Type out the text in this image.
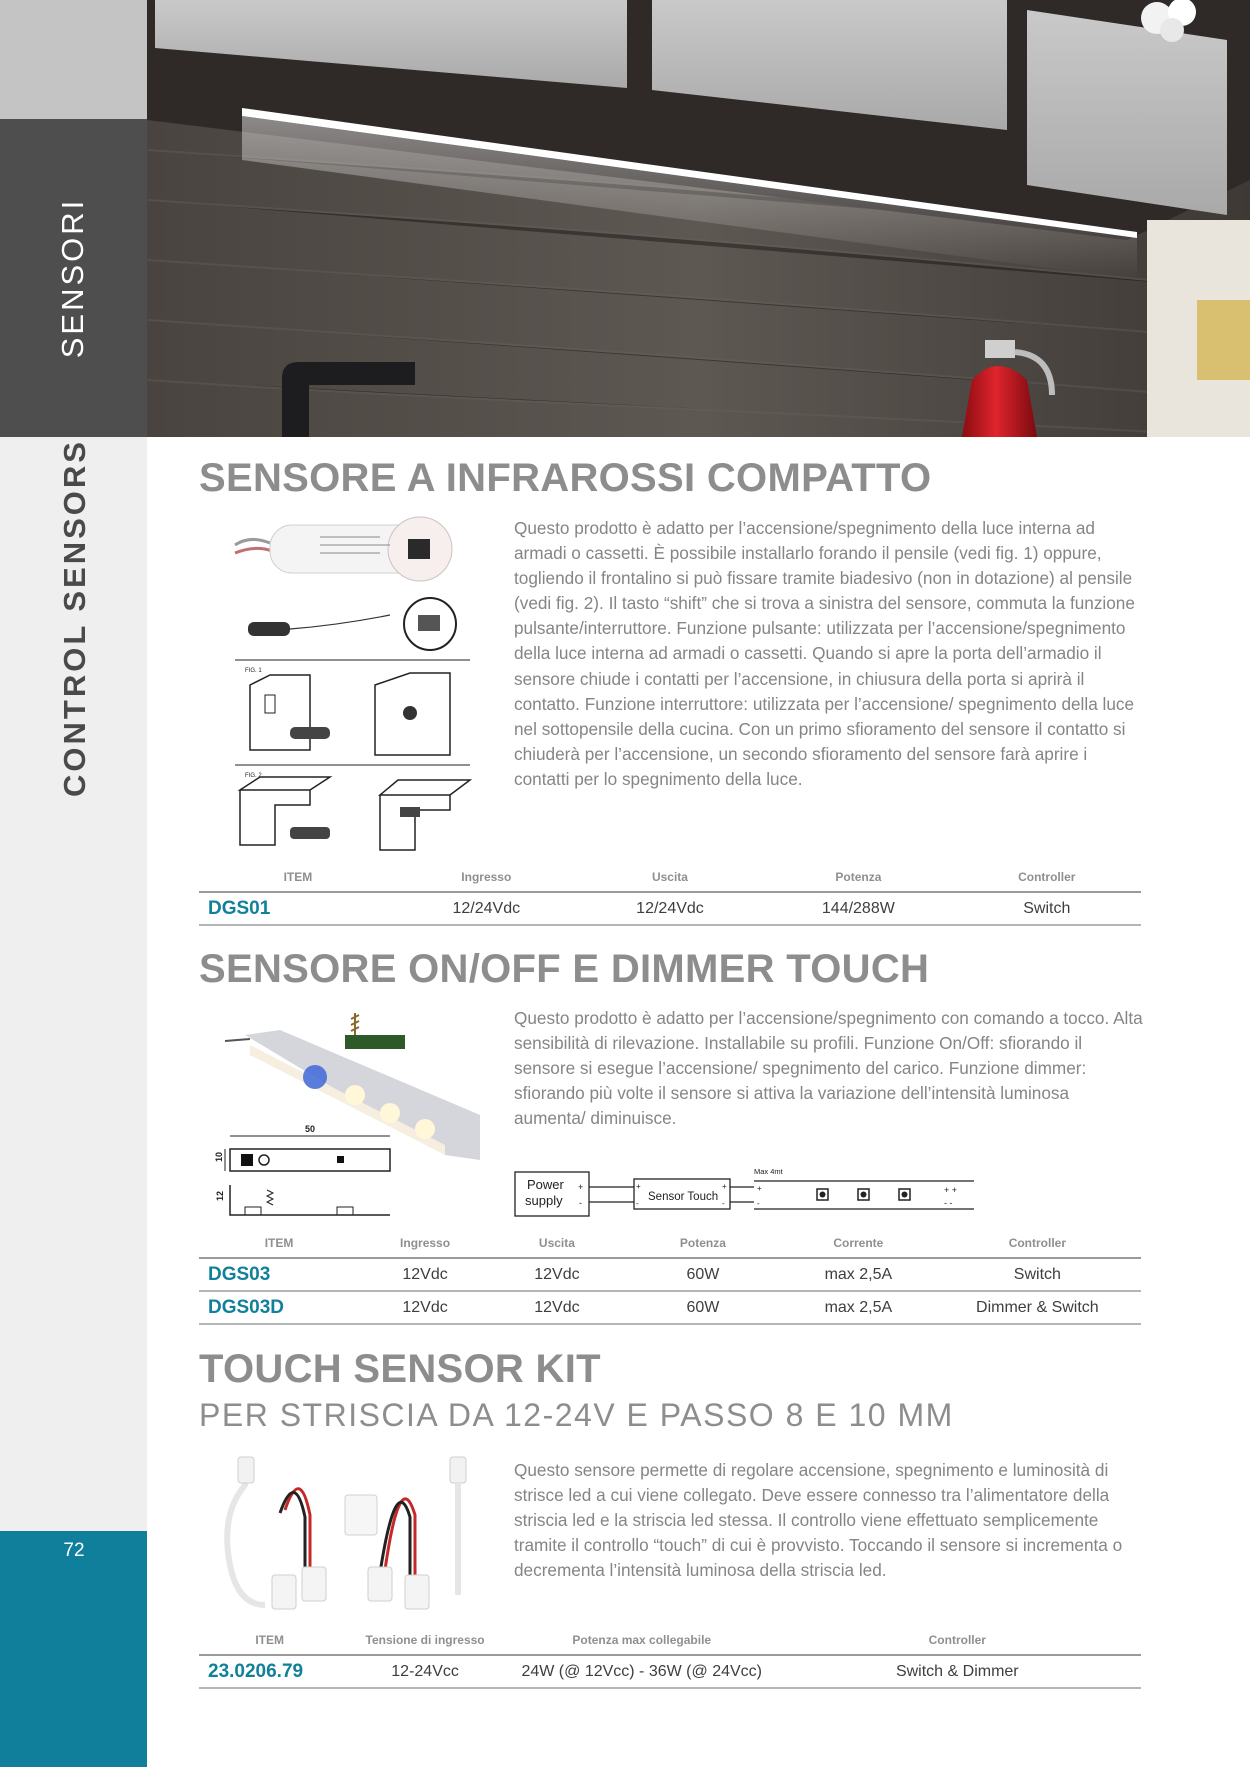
SENSORI
CONTROL SENSORS
72
SENSORE A INFRAROSSI COMPATTO
FIG. 1
FIG. 2
Questo prodotto è adatto per l’accensione/spegnimento della luce interna ad armadi o cassetti. È possibile installarlo forando il pensile (vedi fig. 1) oppure, togliendo il frontalino si può fissare tramite biadesivo (non in dotazione) al pensile (vedi fig. 2). Il tasto “shift” che si trova a sinistra del sensore, commuta la funzione pulsante/interruttore. Funzione pulsante: utilizzata per l’accensione/spegnimento della luce interna ad armadi o cassetti. Quando si apre la porta dell’armadio il sensore chiude i contatti per l’accensione, in chiusura della porta si aprirà il contatto. Funzione interruttore: utilizzata per l’accensione/ spegnimento della luce nel sottopensile della cucina. Con un primo sfioramento del sensore il contatto si chiuderà per l’accensione, un secondo sfioramento del sensore farà aprire i contatti per lo spegnimento della luce.
ITEM	Ingresso	Uscita	Potenza	Controller
DGS01	12/24Vdc	12/24Vdc	144/288W	Switch
SENSORE ON/OFF E DIMMER TOUCH
50
10
12
Questo prodotto è adatto per l’accensione/spegnimento con comando a tocco. Alta sensibilità di rilevazione. Installabile su profili. Funzione On/Off: sfiorando il sensore si esegue l’accensione/ spegnimento del carico. Funzione dimmer: sfiorando più volte il sensore si attiva la variazione dell’intensità luminosa aumenta/ diminuisce.
Power supply
+
-	Sensor Touch
+
-
+
-
Max 4mt
+
-
+ +
- -
ITEM	Ingresso	Uscita	Potenza	Corrente	Controller
DGS03	12Vdc	12Vdc	60W	max 2,5A	Switch
DGS03D	12Vdc	12Vdc	60W	max 2,5A	Dimmer & Switch
TOUCH SENSOR KIT
PER STRISCIA DA 12-24V E PASSO 8 E 10 MM
Questo sensore permette di regolare accensione, spegnimento e luminosità di strisce led a cui viene collegato. Deve essere connesso tra l’alimentatore della striscia led e la striscia led stessa. Il controllo viene effettuato semplicemente tramite il controllo “touch” di cui è provvisto. Toccando il sensore si incrementa o decrementa l’intensità luminosa della striscia led.
ITEM	Tensione di ingresso	Potenza max collegabile	Controller
23.0206.79	12-24Vcc	24W (@ 12Vcc) - 36W (@ 24Vcc)	Switch & Dimmer
